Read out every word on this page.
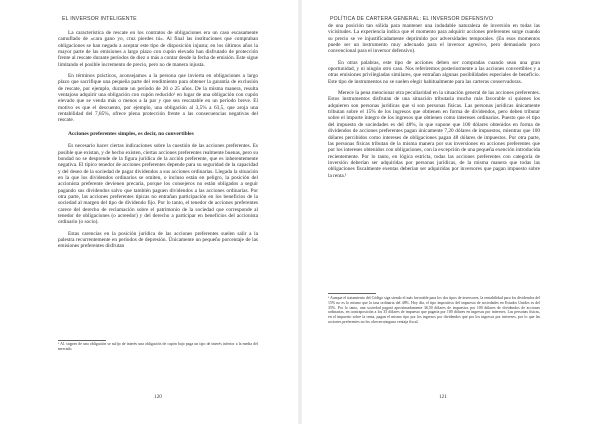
EL INVERSOR INTELIGENTE

La característica de rescate en los contratos de obligaciones era un caso escasamente camuflado de «cara gano yo, cruz pierdes tú». Al final las instituciones que compraban obligaciones se han negado a aceptar este tipo de disposición injusta; en los últimos años la mayor parte de las emisiones a largo plazo con cupón elevado han disfrutado de protección frente al rescate durante períodos de diez o más a contar desde la fecha de emisión. Este sigue limitando el posible incremento de precio, pero no de manera injusta.

En términos prácticos, aconsejamos a la persona que invierta en obligaciones a largo plazo que sacrifique una pequeña parte del rendimiento para obtener la garantía de exclusión de rescate, por ejemplo, durante un período de 20 o 25 años. De la misma manera, resulta ventajoso adquirir una obligación con cupón reducido¹ en lugar de una obligación con cupón elevado que se venda más o menos a la par y que sea rescatable en un período breve. El motivo es que el descuento, por ejemplo, una obligación al 3,5% a 63,5, que aroja una rentabilidad del 7,85%, ofrece plena protección frente a las consecuencias negativas del rescate.

Acciones preferentes simples, es decir, no convertibles

Es necesario hacer ciertas indicaciones sobre la cuestión de las acciones preferentes. Es posible que existan, y de hecho existen, ciertas acciones preferentes realmente buenas, pero su bondad no se desprende de la figura jurídica de la acción preferente, que es inherentemente negativa. El típico tenedor de acciones preferentes depende para su seguridad de la capacidad y del deseo de la sociedad de pagar dividendos a sus acciones ordinarias. Llegada la situación en la que los dividendos ordinarios se omiten, o incluso están en peligro, la posición del accionista preferente devienen precaria, porque los consejeros no están obligados a seguir pagando sus dividendos salvo que también paguen dividendos a las acciones ordinarias. Por otra parte, las acciones preferentes típicas no entrañan participación en los beneficios de la sociedad al margen del tipo de dividendo fijo. Por lo tanto, el tenedor de acciones preferentes carece del derecho de reclamación sobre el patrimonio de la sociedad que corresponde al tenedor de obligaciones (o acreedor) y del derecho a participar en beneficios del accionista ordinario (o socio).

Estas carencias en la posición jurídica de las acciones preferentes suelen salir a la palestra recurrentemente en períodos de depresión. Únicamente un pequeño porcentaje de las emisiones preferentes disfrutan

¹ Al. siqpres de una obligación se sufijo de interés una obligación de cupón bajo paga un tipo de interés inferior a la media del mercado.
120
POLÍTICA DE CARTERA GENERAL: EL INVERSOR DEFENSIVO

de una posición tan sólida para mantener una indudable naturaleza de inversión en todas las vicisitudes. La experiencia indica que el momento para adquirir acciones preferentes surge cuando su precio se ve injustificadamente deprimido por adversidades temporales. (En esos momentos puede ser un instrumento muy adecuado para el inversor agresivo, pero demasiado poco convencional para el inversor defensivo).

En otras palabras, este tipo de acciones deben ser compradas cuando sean una gran oportunidad, y ni ningún otro caso. Nos referiremos posteriormente a las acciones convertibles y a otras emisiones privilegiadas similares, que entrañan algunas posibilidades especiales de beneficio. Este tipo de instrumentos no se suelen elegir habitualmente para las carteras conservadoras.

Merece la pena mencionar otra peculiaridad en la situación general de las acciones preferentes. Estos instrumentos disfrutan de una situación tributaria mucho más favorable si quienes los adquieren son personas jurídicas que si son personas físicas. Las personas jurídicas únicamente tributan sobre el 15% de los ingresos que obtienen en forma de dividendos, pero deben tributar sobre el importe íntegro de los ingresos que obtienen como intereses ordinarios. Puesto que el tipo del impuesto de sociedades es del 48%, lo que supone que 100 dólares obtenidos en forma de dividendos de acciones preferentes pagan únicamente 7,20 dólares de impuestos, mientras que 100 dólares percibidos como intereses de obligaciones pagan 48 dólares de impuestos. Por otra parte, las personas físicas tributan de la misma manera por sus inversiones en acciones preferentes que por los intereses obtenidos con obligaciones, con la excepción de una pequeña exención introducida recientemente. Por lo tanto, en lógica estricta, todas las acciones preferentes con categoría de inversión deberían ser adquiridas por personas jurídicas, de la misma manera que todas las obligaciones fiscalmente exentas deberían ser adquiridas por inversores que pagan impuesto sobre la renta.¹

¹ Aunque el tratamiento del Código siga siendo el más favorable para los dos tipos de inversores, la rentabilidad para los dividendos del 15% no es lo mismo que la tasa ordinaria del 48%. Hoy día, el tipo impositivo del impuesto de sociedades en Estados Unidos es del 35%. Por lo tanto, una sociedad pagará aproximadamente 36,50 dólares de impuestos por 100 dólares de dividendos de acciones ordinarias, en contraposición a los 35 dólares de impuesto que pagaría por 100 dólares en ingresos por intereses. Las personas físicas, en el impuesto sobre la renta, pagan el mismo tipo por los ingresos por dividendos que por los ingresos por intereses, por lo que las acciones preferentes no les ofrecen ninguna ventaja fiscal.
121
